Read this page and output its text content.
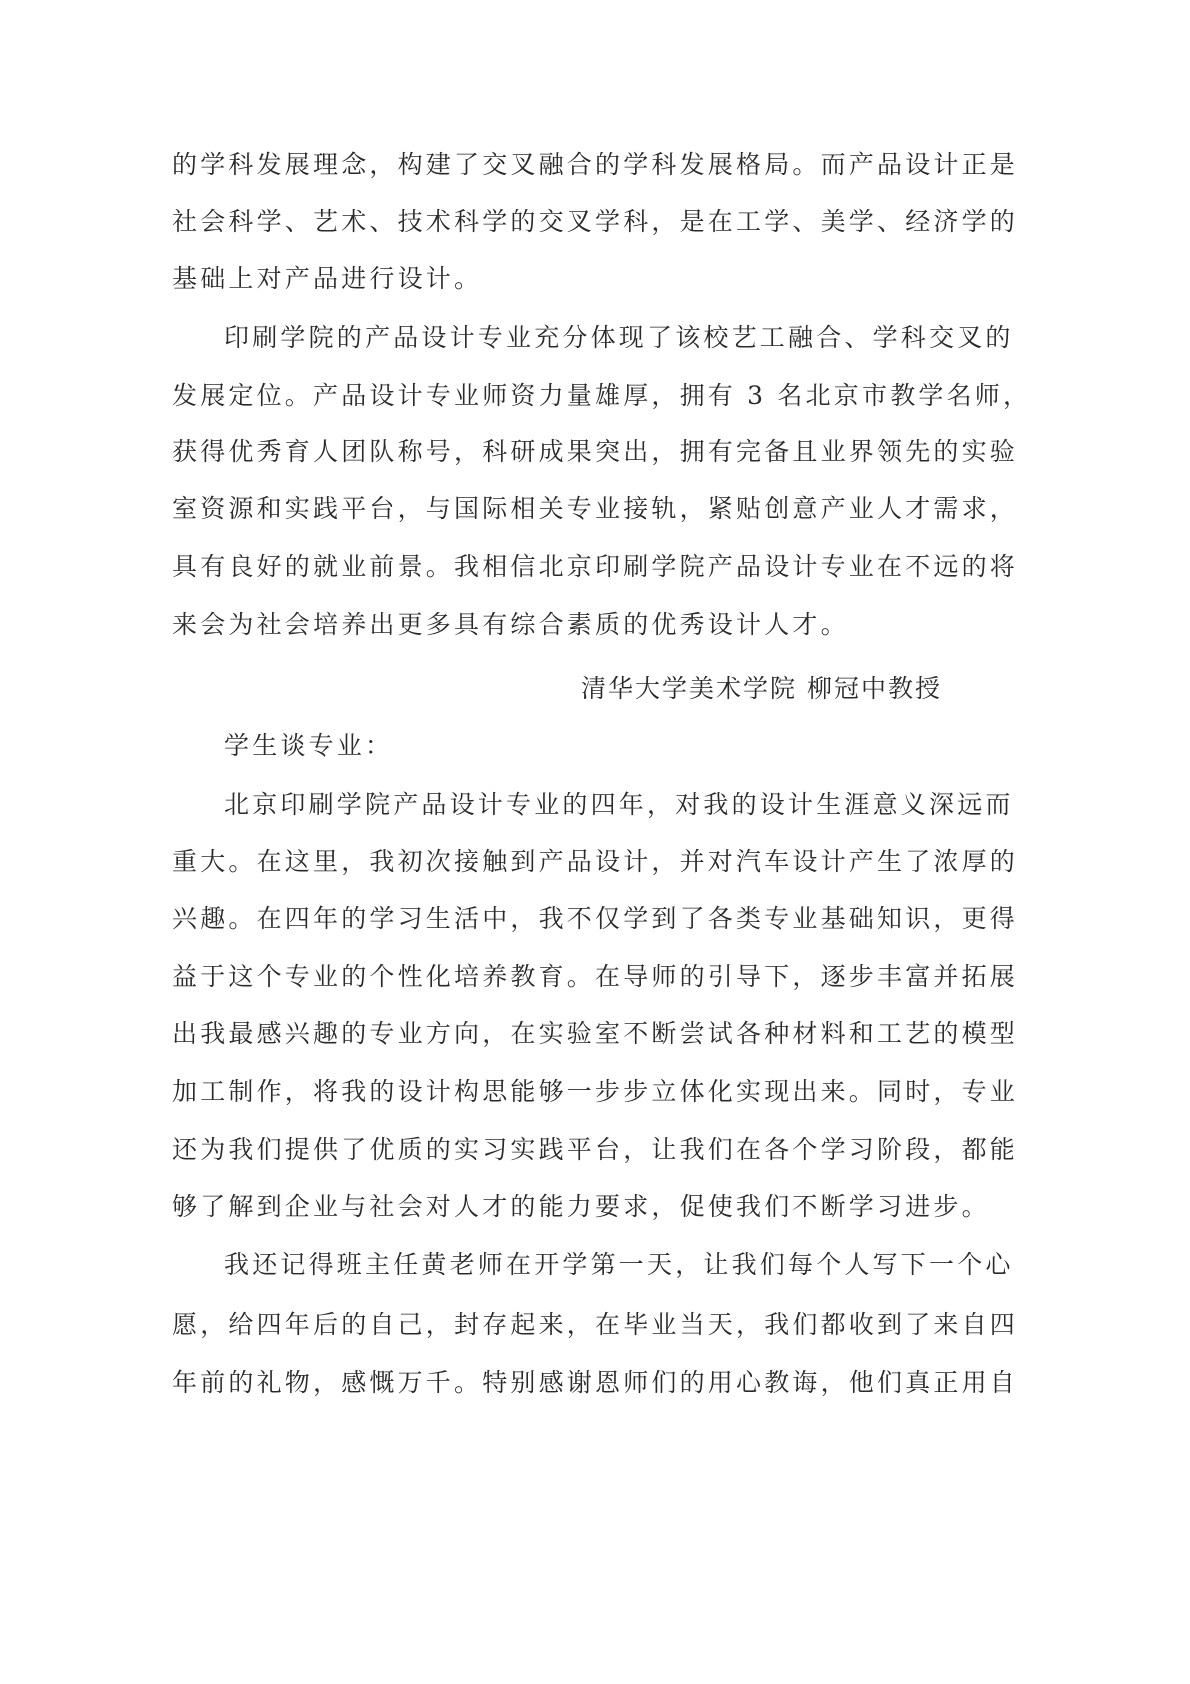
的学科发展理念，构建了交叉融合的学科发展格局。而产品设计正是
社会科学、艺术、技术科学的交叉学科，是在工学、美学、经济学的
基础上对产品进行设计。
印刷学院的产品设计专业充分体现了该校艺工融合、学科交叉的
发展定位。产品设计专业师资力量雄厚，拥有 3 名北京市教学名师，
获得优秀育人团队称号，科研成果突出，拥有完备且业界领先的实验
室资源和实践平台，与国际相关专业接轨，紧贴创意产业人才需求，
具有良好的就业前景。我相信北京印刷学院产品设计专业在不远的将
来会为社会培养出更多具有综合素质的优秀设计人才。
清华大学美术学院 柳冠中教授
学生谈专业：
北京印刷学院产品设计专业的四年，对我的设计生涯意义深远而
重大。在这里，我初次接触到产品设计，并对汽车设计产生了浓厚的
兴趣。在四年的学习生活中，我不仅学到了各类专业基础知识，更得
益于这个专业的个性化培养教育。在导师的引导下，逐步丰富并拓展
出我最感兴趣的专业方向，在实验室不断尝试各种材料和工艺的模型
加工制作，将我的设计构思能够一步步立体化实现出来。同时，专业
还为我们提供了优质的实习实践平台，让我们在各个学习阶段，都能
够了解到企业与社会对人才的能力要求，促使我们不断学习进步。
我还记得班主任黄老师在开学第一天，让我们每个人写下一个心
愿，给四年后的自己，封存起来，在毕业当天，我们都收到了来自四
年前的礼物，感慨万千。特别感谢恩师们的用心教诲，他们真正用自
